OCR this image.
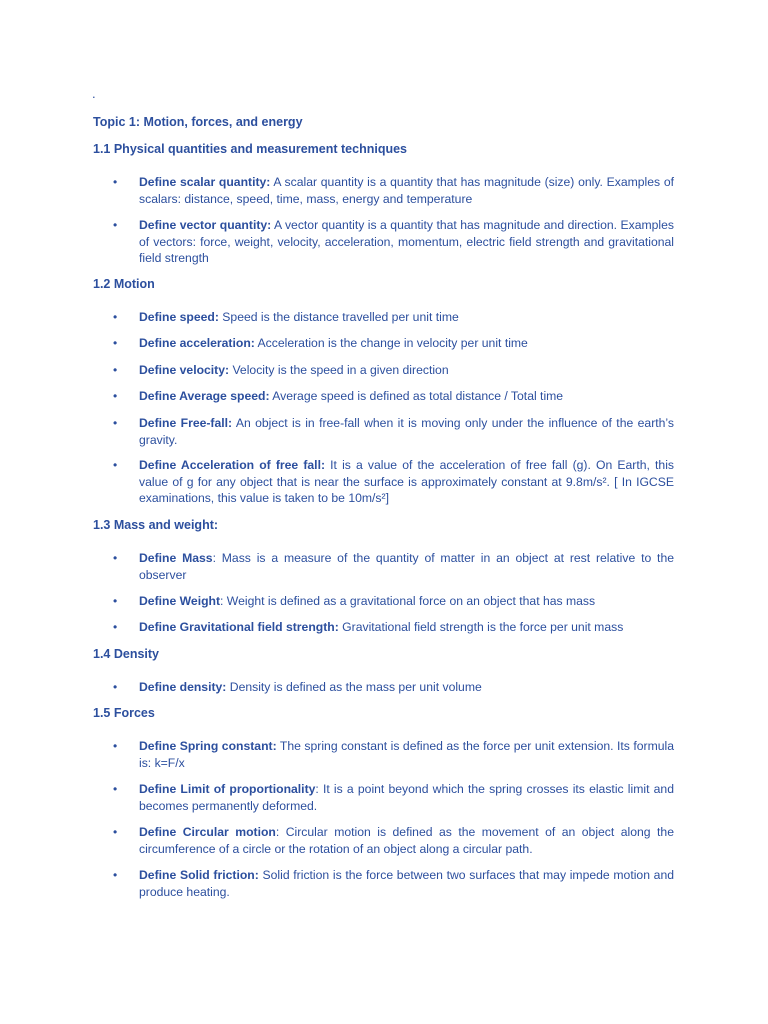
.
Topic 1: Motion, forces, and energy
1.1 Physical quantities and measurement techniques
• Define scalar quantity: A scalar quantity is a quantity that has magnitude (size) only. Examples of scalars: distance, speed, time, mass, energy and temperature
• Define vector quantity: A vector quantity is a quantity that has magnitude and direction. Examples of vectors: force, weight, velocity, acceleration, momentum, electric field strength and gravitational field strength
1.2 Motion
• Define speed: Speed is the distance travelled per unit time
• Define acceleration: Acceleration is the change in velocity per unit time
• Define velocity: Velocity is the speed in a given direction
• Define Average speed: Average speed is defined as total distance / Total time
• Define Free-fall: An object is in free-fall when it is moving only under the influence of the earth’s gravity.
• Define Acceleration of free fall: It is a value of the acceleration of free fall (g). On Earth, this value of g for any object that is near the surface is approximately constant at 9.8m/s². [ In IGCSE examinations, this value is taken to be 10m/s²]
1.3 Mass and weight:
• Define Mass: Mass is a measure of the quantity of matter in an object at rest relative to the observer
• Define Weight: Weight is defined as a gravitational force on an object that has mass
• Define Gravitational field strength: Gravitational field strength is the force per unit mass
1.4 Density
• Define density: Density is defined as the mass per unit volume
1.5 Forces
• Define Spring constant: The spring constant is defined as the force per unit extension. Its formula is: k=F/x
• Define Limit of proportionality: It is a point beyond which the spring crosses its elastic limit and becomes permanently deformed.
• Define Circular motion: Circular motion is defined as the movement of an object along the circumference of a circle or the rotation of an object along a circular path.
• Define Solid friction: Solid friction is the force between two surfaces that may impede motion and produce heating.
